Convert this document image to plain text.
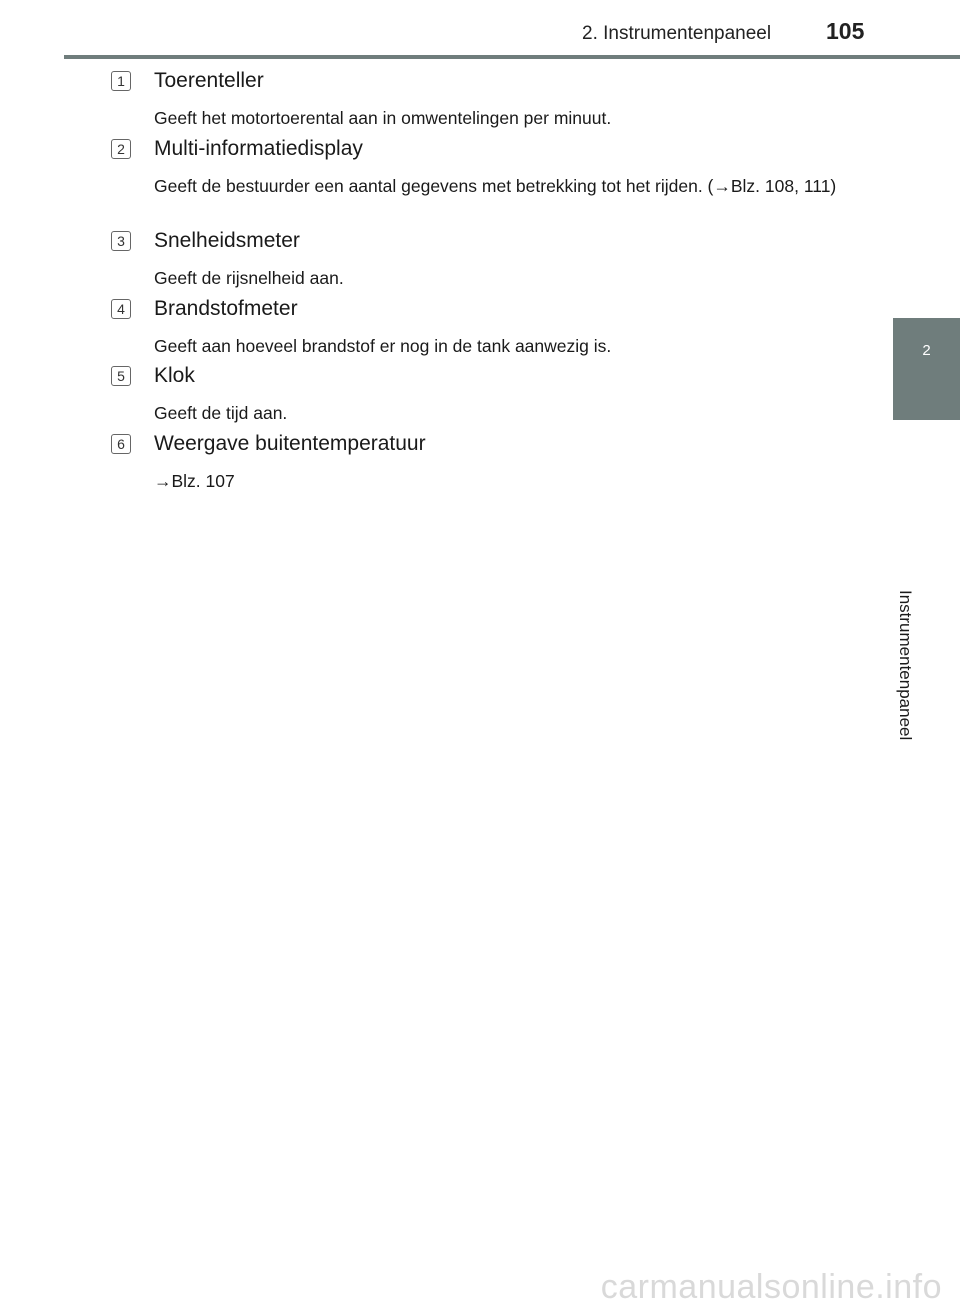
2. Instrumentenpaneel 105
2
Instrumentenpaneel
1 Toerenteller
Geeft het motortoerental aan in omwentelingen per minuut.
2 Multi-informatiedisplay
Geeft de bestuurder een aantal gegevens met betrekking tot het rijden. (→Blz. 108, 111)
3 Snelheidsmeter
Geeft de rijsnelheid aan.
4 Brandstofmeter
Geeft aan hoeveel brandstof er nog in de tank aanwezig is.
5 Klok
Geeft de tijd aan.
6 Weergave buitentemperatuur
→Blz. 107
carmanualsonline.info
